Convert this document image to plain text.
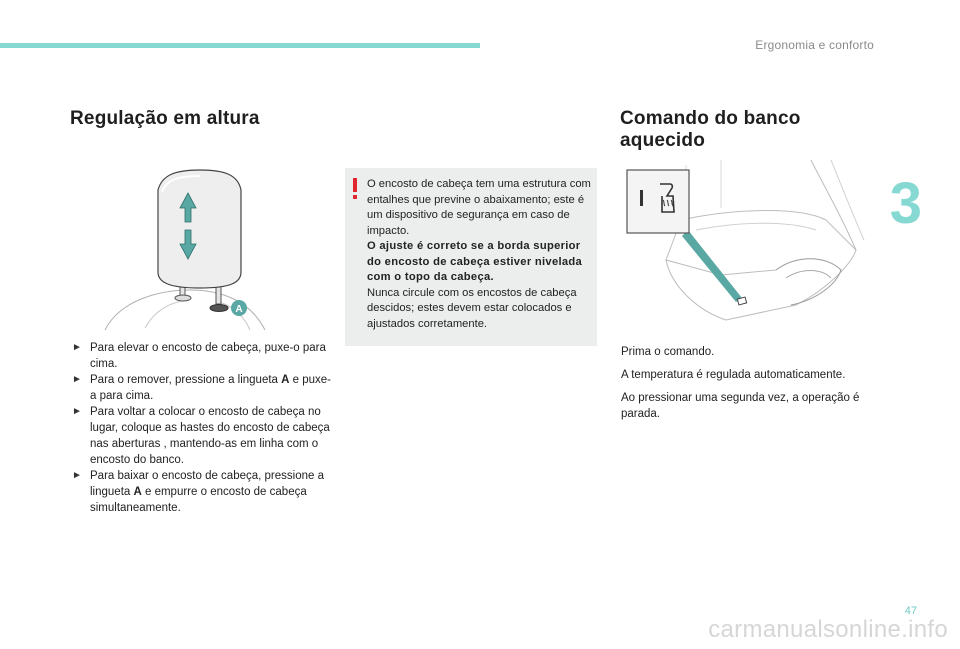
Ergonomia e conforto
3
Regulação em altura
A
► Para elevar o encosto de cabeça, puxe-o para cima.
► Para o remover, pressione a lingueta A e puxe-a para cima.
► Para voltar a colocar o encosto de cabeça no lugar, coloque as hastes do encosto de cabeça nas aberturas , mantendo-as em linha com o encosto do banco.
► Para baixar o encosto de cabeça, pressione a lingueta A e empurre o encosto de cabeça simultaneamente.
O encosto de cabeça tem uma estrutura com entalhes que previne o abaixamento; este é um dispositivo de segurança em caso de impacto.
O ajuste é correto se a borda superior do encosto de cabeça estiver nivelada com o topo da cabeça.
Nunca circule com os encostos de cabeça descidos; estes devem estar colocados e ajustados corretamente.
Comando do banco
aquecido

Prima o comando.

A temperatura é regulada automaticamente.

Ao pressionar uma segunda vez, a operação é parada.

47
carmanualsonline.info
